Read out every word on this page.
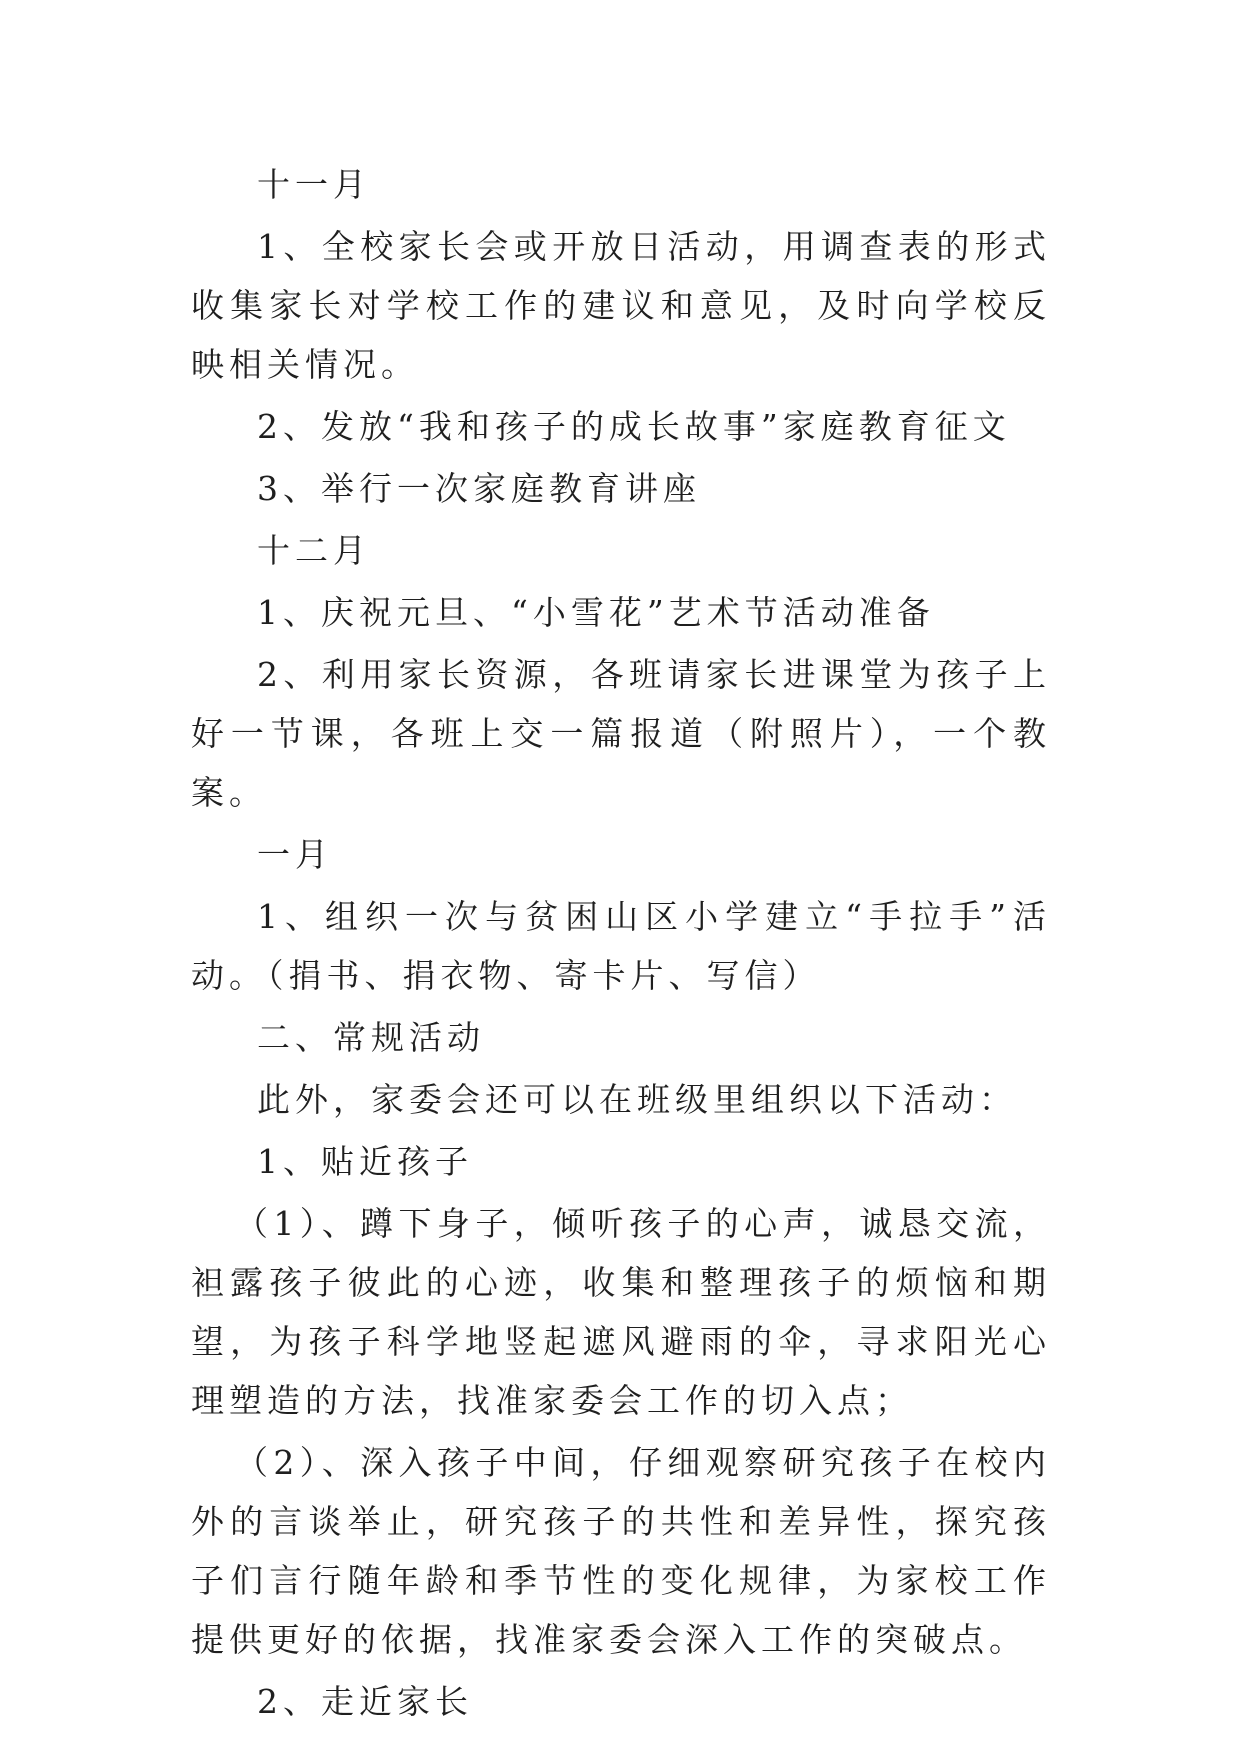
十一月

1、全校家长会或开放日活动，用调查表的形式收集家长对学校工作的建议和意见，及时向学校反映相关情况。

2、发放“我和孩子的成长故事”家庭教育征文

3、举行一次家庭教育讲座

十二月

1、庆祝元旦、“小雪花”艺术节活动准备

2、利用家长资源，各班请家长进课堂为孩子上好一节课，各班上交一篇报道（附照片），一个教案。

一月

1、组织一次与贫困山区小学建立“手拉手”活动。（捐书、捐衣物、寄卡片、写信）

二、常规活动

此外，家委会还可以在班级里组织以下活动：

1、贴近孩子

（1）、蹲下身子，倾听孩子的心声，诚恳交流，袒露孩子彼此的心迹，收集和整理孩子的烦恼和期望，为孩子科学地竖起遮风避雨的伞，寻求阳光心理塑造的方法，找准家委会工作的切入点；

（2）、深入孩子中间，仔细观察研究孩子在校内外的言谈举止，研究孩子的共性和差异性，探究孩子们言行随年龄和季节性的变化规律，为家校工作提供更好的依据，找准家委会深入工作的突破点。

2、走近家长
